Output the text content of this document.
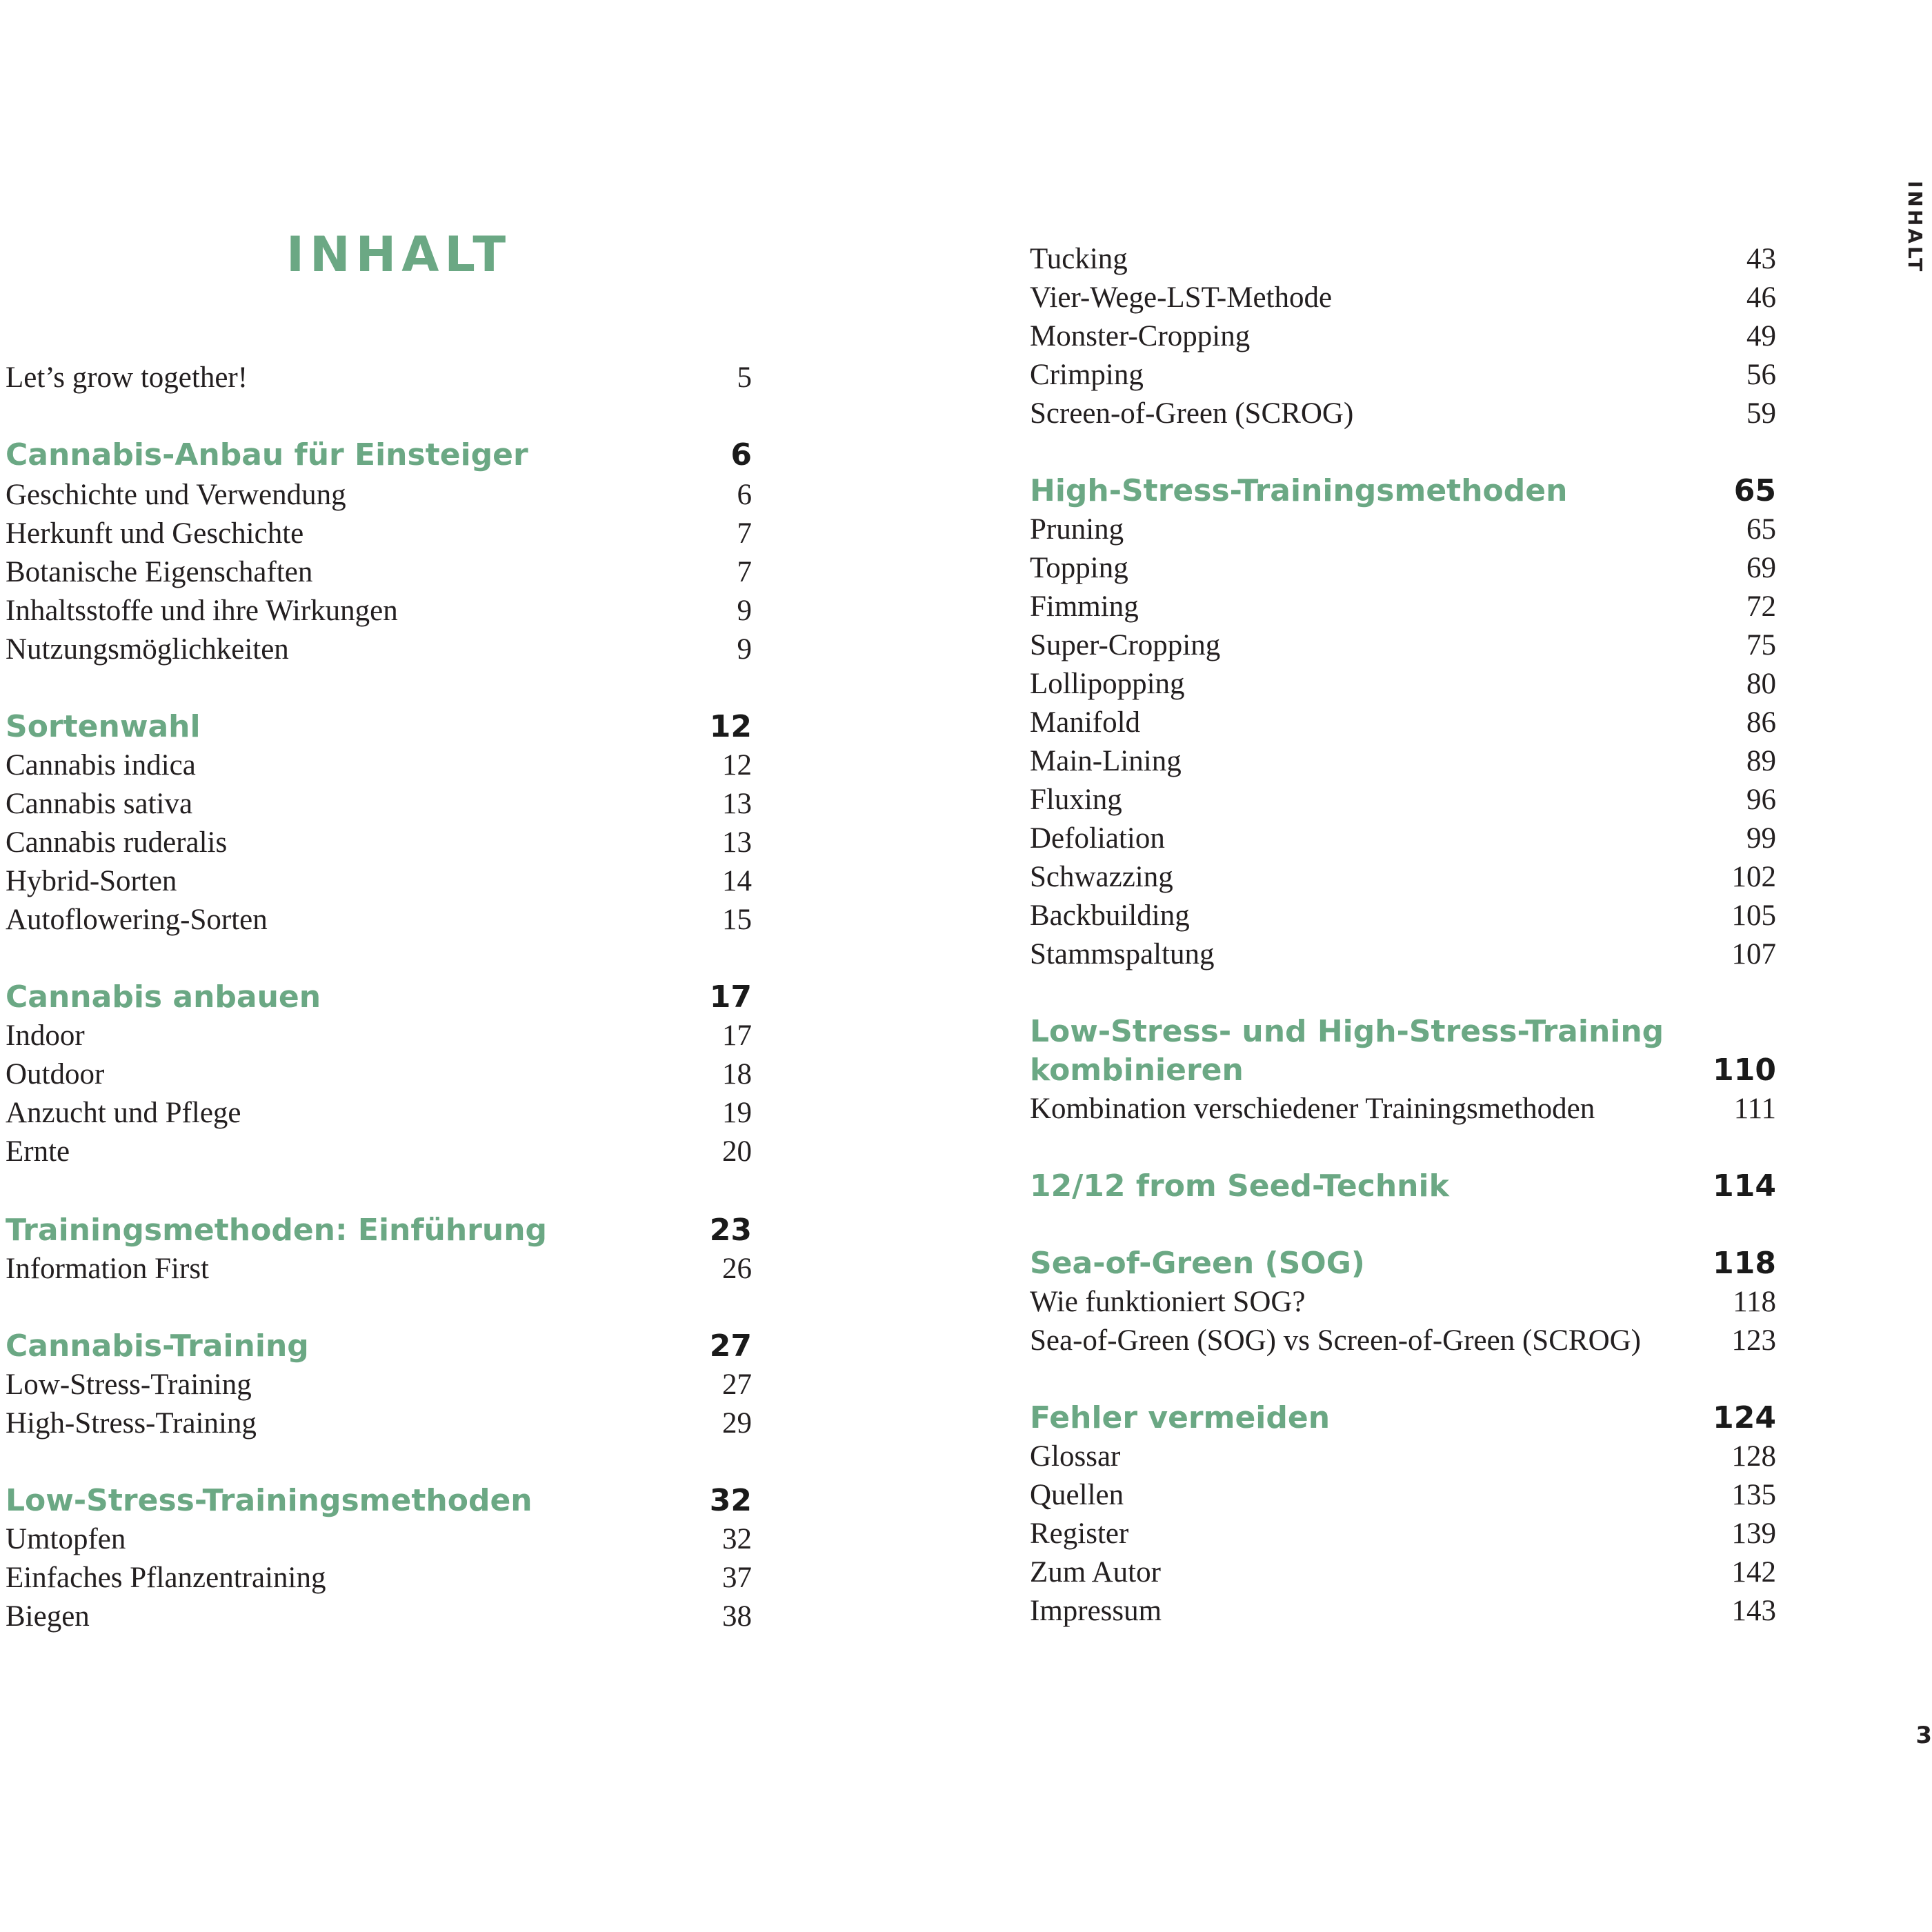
INHALT
Let’s grow together!	5
Cannabis-Anbau für Einsteiger	6
Geschichte und Verwendung	6
Herkunft und Geschichte	7
Botanische Eigenschaften	7
Inhaltsstoffe und ihre Wirkungen	9
Nutzungsmöglichkeiten	9
Sortenwahl	12
Cannabis indica	12
Cannabis sativa	13
Cannabis ruderalis	13
Hybrid-Sorten	14
Autoflowering-Sorten	15
Cannabis anbauen	17
Indoor	17
Outdoor	18
Anzucht und Pflege	19
Ernte	20
Trainingsmethoden: Einführung	23
Information First	26
Cannabis-Training	27
Low-Stress-Training	27
High-Stress-Training	29
Low-Stress-Trainingsmethoden	32
Umtopfen	32
Einfaches Pflanzentraining	37
Biegen	38
Tucking	43
Vier-Wege-LST-Methode	46
Monster-Cropping	49
Crimping	56
Screen-of-Green (SCROG)	59
High-Stress-Trainingsmethoden	65
Pruning	65
Topping	69
Fimming	72
Super-Cropping	75
Lollipopping	80
Manifold	86
Main-Lining	89
Fluxing	96
Defoliation	99
Schwazzing	102
Backbuilding	105
Stammspaltung	107
Low-Stress- und High-Stress-Training
kombinieren	110
Kombination verschiedener Trainingsmethoden	111
12/12 from Seed-Technik	114
Sea-of-Green (SOG)	118
Wie funktioniert SOG?	118
Sea-of-Green (SOG) vs Screen-of-Green (SCROG)	123
Fehler vermeiden	124
Glossar	128
Quellen	135
Register	139
Zum Autor	142
Impressum	143
INHALT
3
